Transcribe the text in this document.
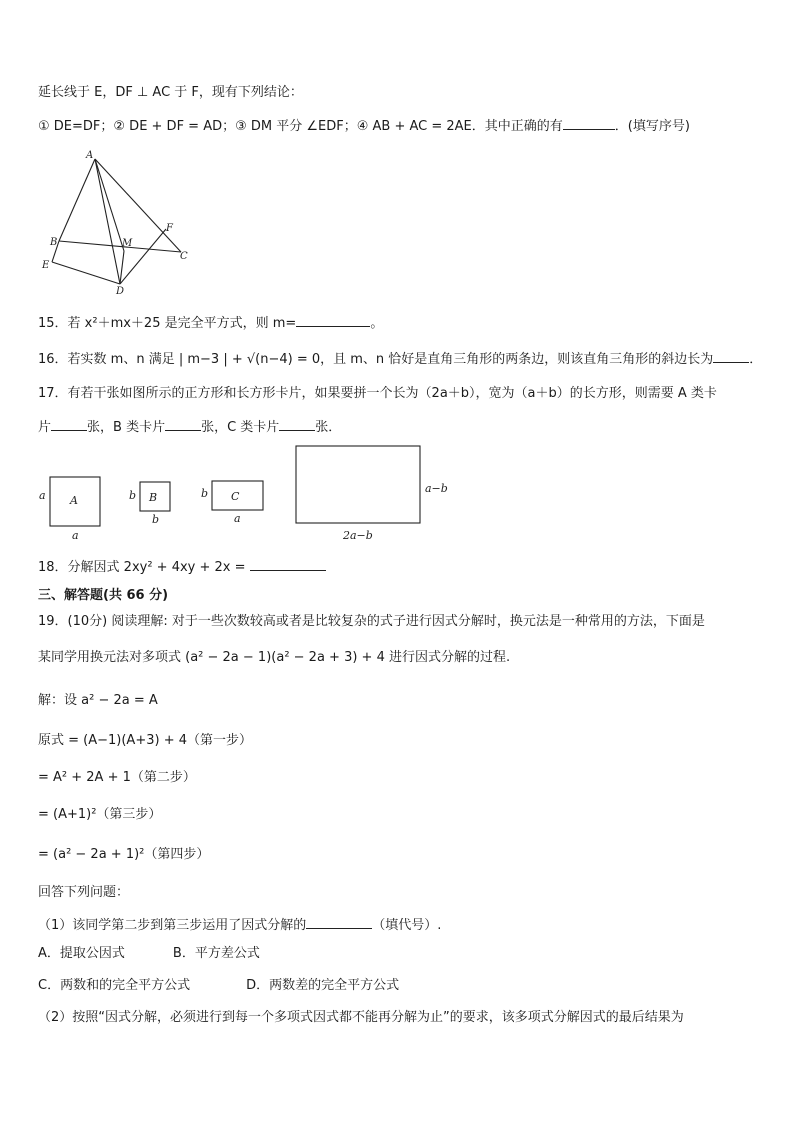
延长线于 E，DF ⊥ AC 于 F，现有下列结论：
① DE=DF；② DE + DF = AD；③ DM 平分 ∠EDF；④ AB + AC = 2AE．其中正确的有	．(填写序号)
A
B	M
F
C
E
D
15．若 x²＋mx＋25 是完全平方式，则 m=	。
16．若实数 m、n 满足 | m−3 | + √(n−4) = 0，且 m、n 恰好是直角三角形的两条边，则该直角三角形的斜边长为	．
17．有若干张如图所示的正方形和长方形卡片，如果要拼一个长为（2a＋b），宽为（a＋b）的长方形，则需要 A 类卡
片	张，B 类卡片	张，C 类卡片	张．
a A
a
b B
b
b C
a
a−b
2a−b
18．分解因式 2xy² + 4xy + 2x =
三、解答题(共 66 分)
19．(10分) 阅读理解: 对于一些次数较高或者是比较复杂的式子进行因式分解时，换元法是一种常用的方法，下面是
某同学用换元法对多项式 (a² − 2a − 1)(a² − 2a + 3) + 4 进行因式分解的过程.
解：设 a² − 2a = A
原式 = (A−1)(A+3) + 4（第一步）
= A² + 2A + 1（第二步）
= (A+1)²（第三步）
= (a² − 2a + 1)²（第四步）
回答下列问题：
（1）该同学第二步到第三步运用了因式分解的	（填代号）.
A．提取公因式	B．平方差公式
C．两数和的完全平方公式	D．两数差的完全平方公式
（2）按照“因式分解，必须进行到每一个多项式因式都不能再分解为止”的要求，该多项式分解因式的最后结果为
